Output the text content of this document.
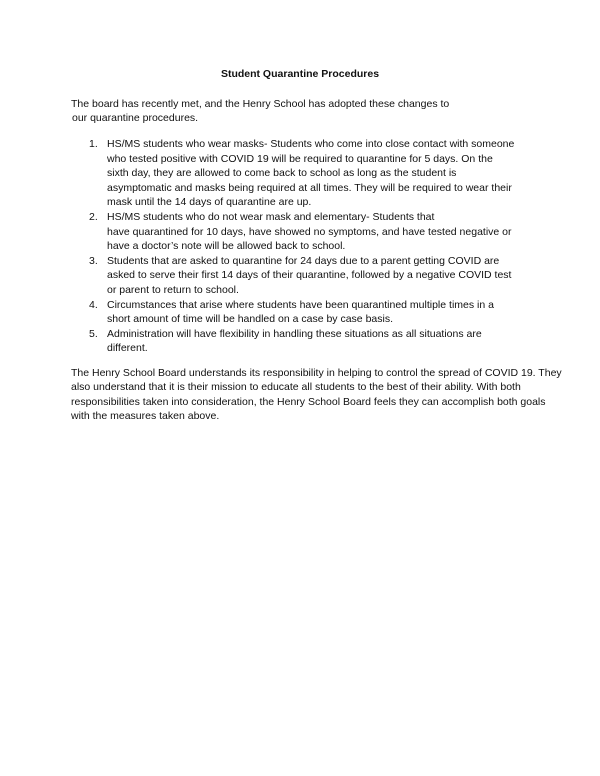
Student Quarantine Procedures

The board has recently met, and the Henry School has adopted these changes to
our quarantine procedures.

1. HS/MS students who wear masks- Students who come into close contact with someone
who tested positive with COVID 19 will be required to quarantine for 5 days. On the
sixth day, they are allowed to come back to school as long as the student is
asymptomatic and masks being required at all times. They will be required to wear their
mask until the 14 days of quarantine are up.
2. HS/MS students who do not wear mask and elementary- Students that
have quarantined for 10 days, have showed no symptoms, and have tested negative or
have a doctor’s note will be allowed back to school.
3. Students that are asked to quarantine for 24 days due to a parent getting COVID are
asked to serve their first 14 days of their quarantine, followed by a negative COVID test
or parent to return to school.
4. Circumstances that arise where students have been quarantined multiple times in a
short amount of time will be handled on a case by case basis.
5. Administration will have flexibility in handling these situations as all situations are
different.

The Henry School Board understands its responsibility in helping to control the spread of COVID 19. They
also understand that it is their mission to educate all students to the best of their ability. With both
responsibilities taken into consideration, the Henry School Board feels they can accomplish both goals
with the measures taken above.
